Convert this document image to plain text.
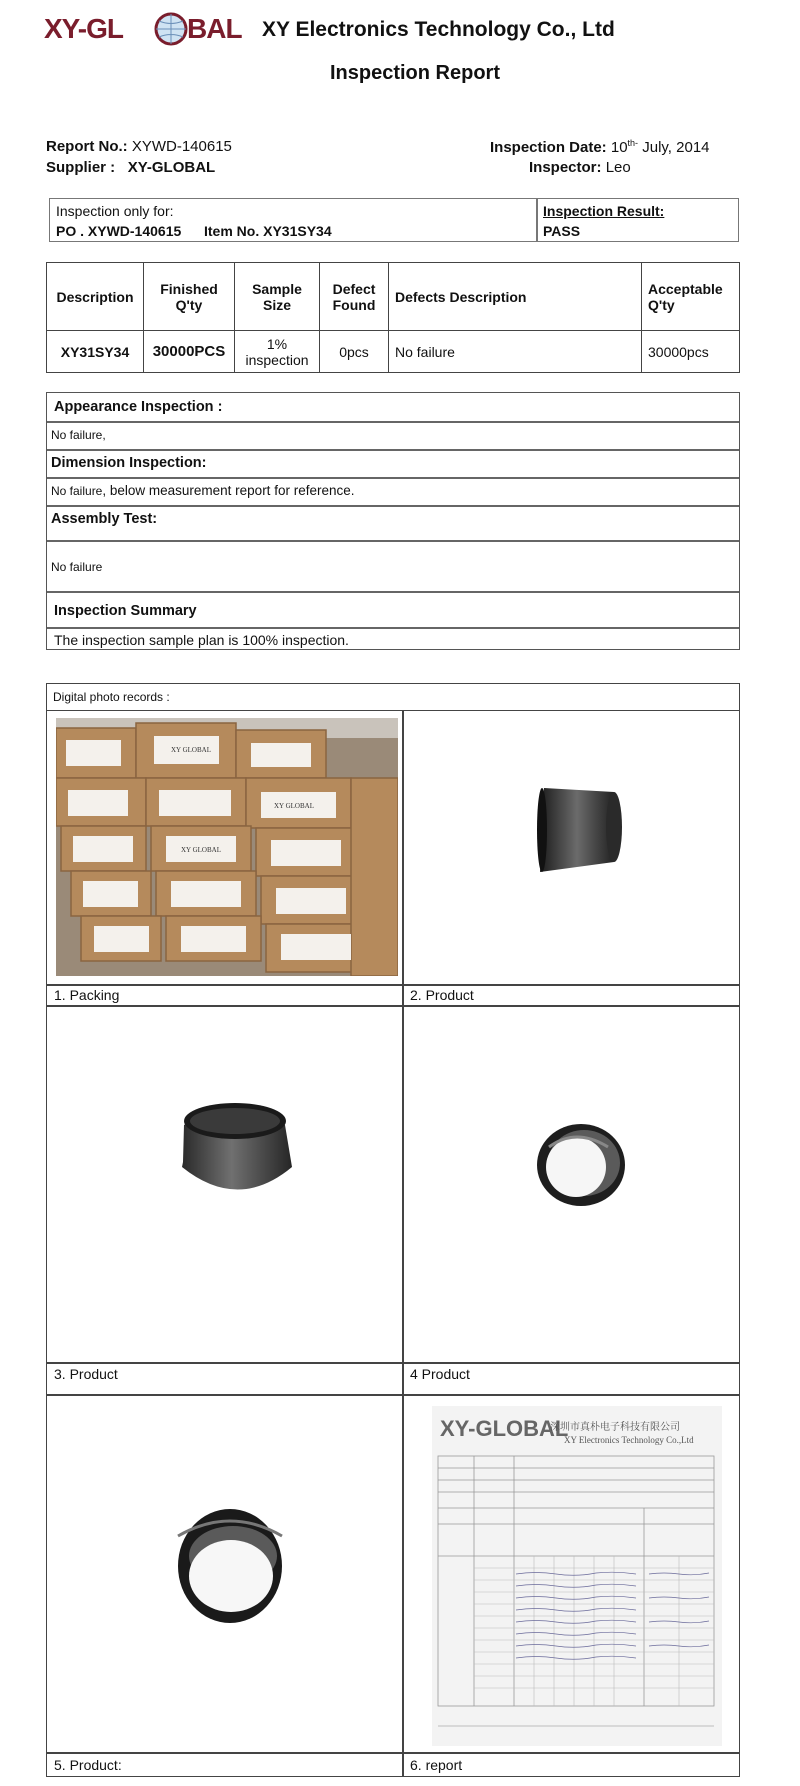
XY-GL BAL XY Electronics Technology Co., Ltd
Inspection Report
Report No.: XYWD-140615
Supplier : XY-GLOBAL
Inspection Date: $10^{th-}$ July, 2014
Inspector: Leo
Inspection only for:
PO . XYWD-140615 Item No. XY31SY34
Inspection Result:
PASS
Description	Finished Q'ty	Sample Size	Defect Found	Defects Description	Acceptable Q'ty
XY31SY34	30000PCS	1% inspection	0pcs	No failure	30000pcs
Appearance Inspection :
No failure,
Dimension Inspection:
No failure, below measurement report for reference.
Assembly Test:
No failure
Inspection Summary
The inspection sample plan is 100% inspection.
Digital photo records :
1. Packing	2. Product
3. Product	4 Product
5. Product:	6. report
XY GLOBAL
XY GLOBAL
XY GLOBAL
XY-GLOBAL
深圳市真朴电子科技有限公司
XY Electronics Technology Co.,Ltd
